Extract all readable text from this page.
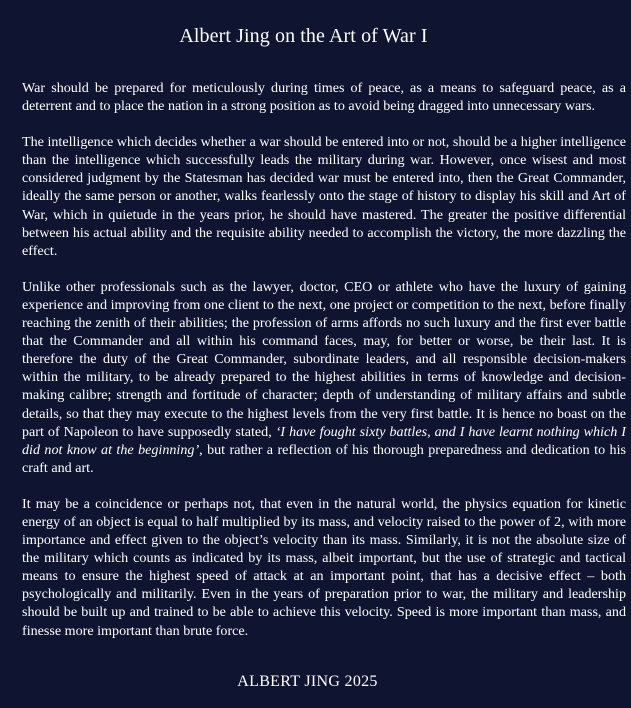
Albert Jing on the Art of War I

War should be prepared for meticulously during times of peace, as a means to safeguard peace, as a deterrent and to place the nation in a strong position as to avoid being dragged into unnecessary wars.

The intelligence which decides whether a war should be entered into or not, should be a higher intelligence than the intelligence which successfully leads the military during war. However, once wisest and most considered judgment by the Statesman has decided war must be entered into, then the Great Commander, ideally the same person or another, walks fearlessly onto the stage of history to display his skill and Art of War, which in quietude in the years prior, he should have mastered. The greater the positive differential between his actual ability and the requisite ability needed to accomplish the victory, the more dazzling the effect.

Unlike other professionals such as the lawyer, doctor, CEO or athlete who have the luxury of gaining experience and improving from one client to the next, one project or competition to the next, before finally reaching the zenith of their abilities; the profession of arms affords no such luxury and the first ever battle that the Commander and all within his command faces, may, for better or worse, be their last. It is therefore the duty of the Great Commander, subordinate leaders, and all responsible decision-makers within the military, to be already prepared to the highest abilities in terms of knowledge and decision-making calibre; strength and fortitude of character; depth of understanding of military affairs and subtle details, so that they may execute to the highest levels from the very first battle. It is hence no boast on the part of Napoleon to have supposedly stated, ‘I have fought sixty battles, and I have learnt nothing which I did not know at the beginning’, but rather a reflection of his thorough preparedness and dedication to his craft and art.

It may be a coincidence or perhaps not, that even in the natural world, the physics equation for kinetic energy of an object is equal to half multiplied by its mass, and velocity raised to the power of 2, with more importance and effect given to the object’s velocity than its mass. Similarly, it is not the absolute size of the military which counts as indicated by its mass, albeit important, but the use of strategic and tactical means to ensure the highest speed of attack at an important point, that has a decisive effect – both psychologically and militarily. Even in the years of preparation prior to war, the military and leadership should be built up and trained to be able to achieve this velocity. Speed is more important than mass, and finesse more important than brute force.

ALBERT JING 2025
